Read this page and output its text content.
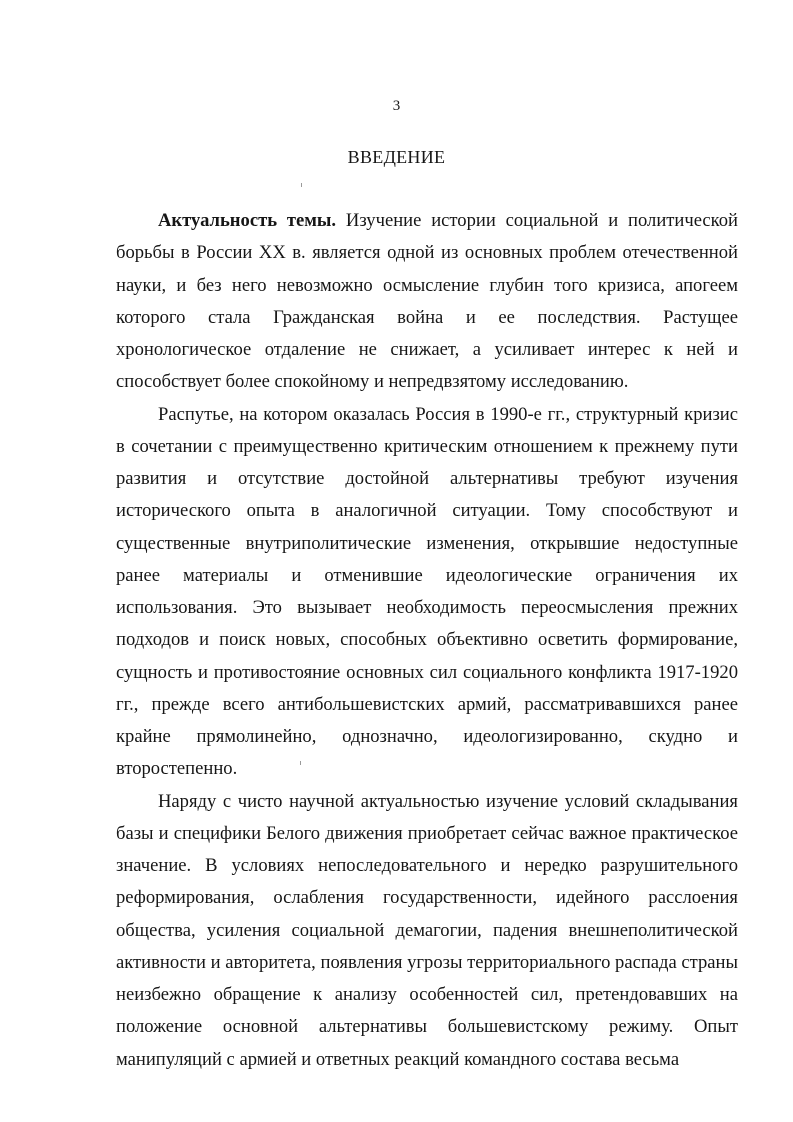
3
ВВЕДЕНИЕ

Актуальность темы. Изучение истории социальной и политической борьбы в России XX в. является одной из основных проблем отечественной науки, и без него невозможно осмысление глубин того кризиса, апогеем которого стала Гражданская война и ее последствия. Растущее хронологическое отдаление не снижает, а усиливает интерес к ней и способствует более спокойному и непредвзятому исследованию.

Распутье, на котором оказалась Россия в 1990-е гг., структурный кризис в сочетании с преимущественно критическим отношением к прежнему пути развития и отсутствие достойной альтернативы требуют изучения исторического опыта в аналогичной ситуации. Тому способствуют и существенные внутриполитические изменения, открывшие недоступные ранее материалы и отменившие идеологические ограничения их использования. Это вызывает необходимость переосмысления прежних подходов и поиск новых, способных объективно осветить формирование, сущность и противостояние основных сил социального конфликта 1917-1920 гг., прежде всего антибольшевистских армий, рассматривавшихся ранее крайне прямолинейно, однозначно, идеологизированно, скудно и второстепенно.

Наряду с чисто научной актуальностью изучение условий складывания базы и специфики Белого движения приобретает сейчас важное практическое значение. В условиях непоследовательного и нередко разрушительного реформирования, ослабления государственности, идейного расслоения общества, усиления социальной демагогии, падения внешнеполитической активности и авторитета, появления угрозы территориального распада страны неизбежно обращение к анализу особенностей сил, претендовавших на положение основной альтернативы большевистскому режиму. Опыт манипуляций с армией и ответных реакций командного состава весьма
